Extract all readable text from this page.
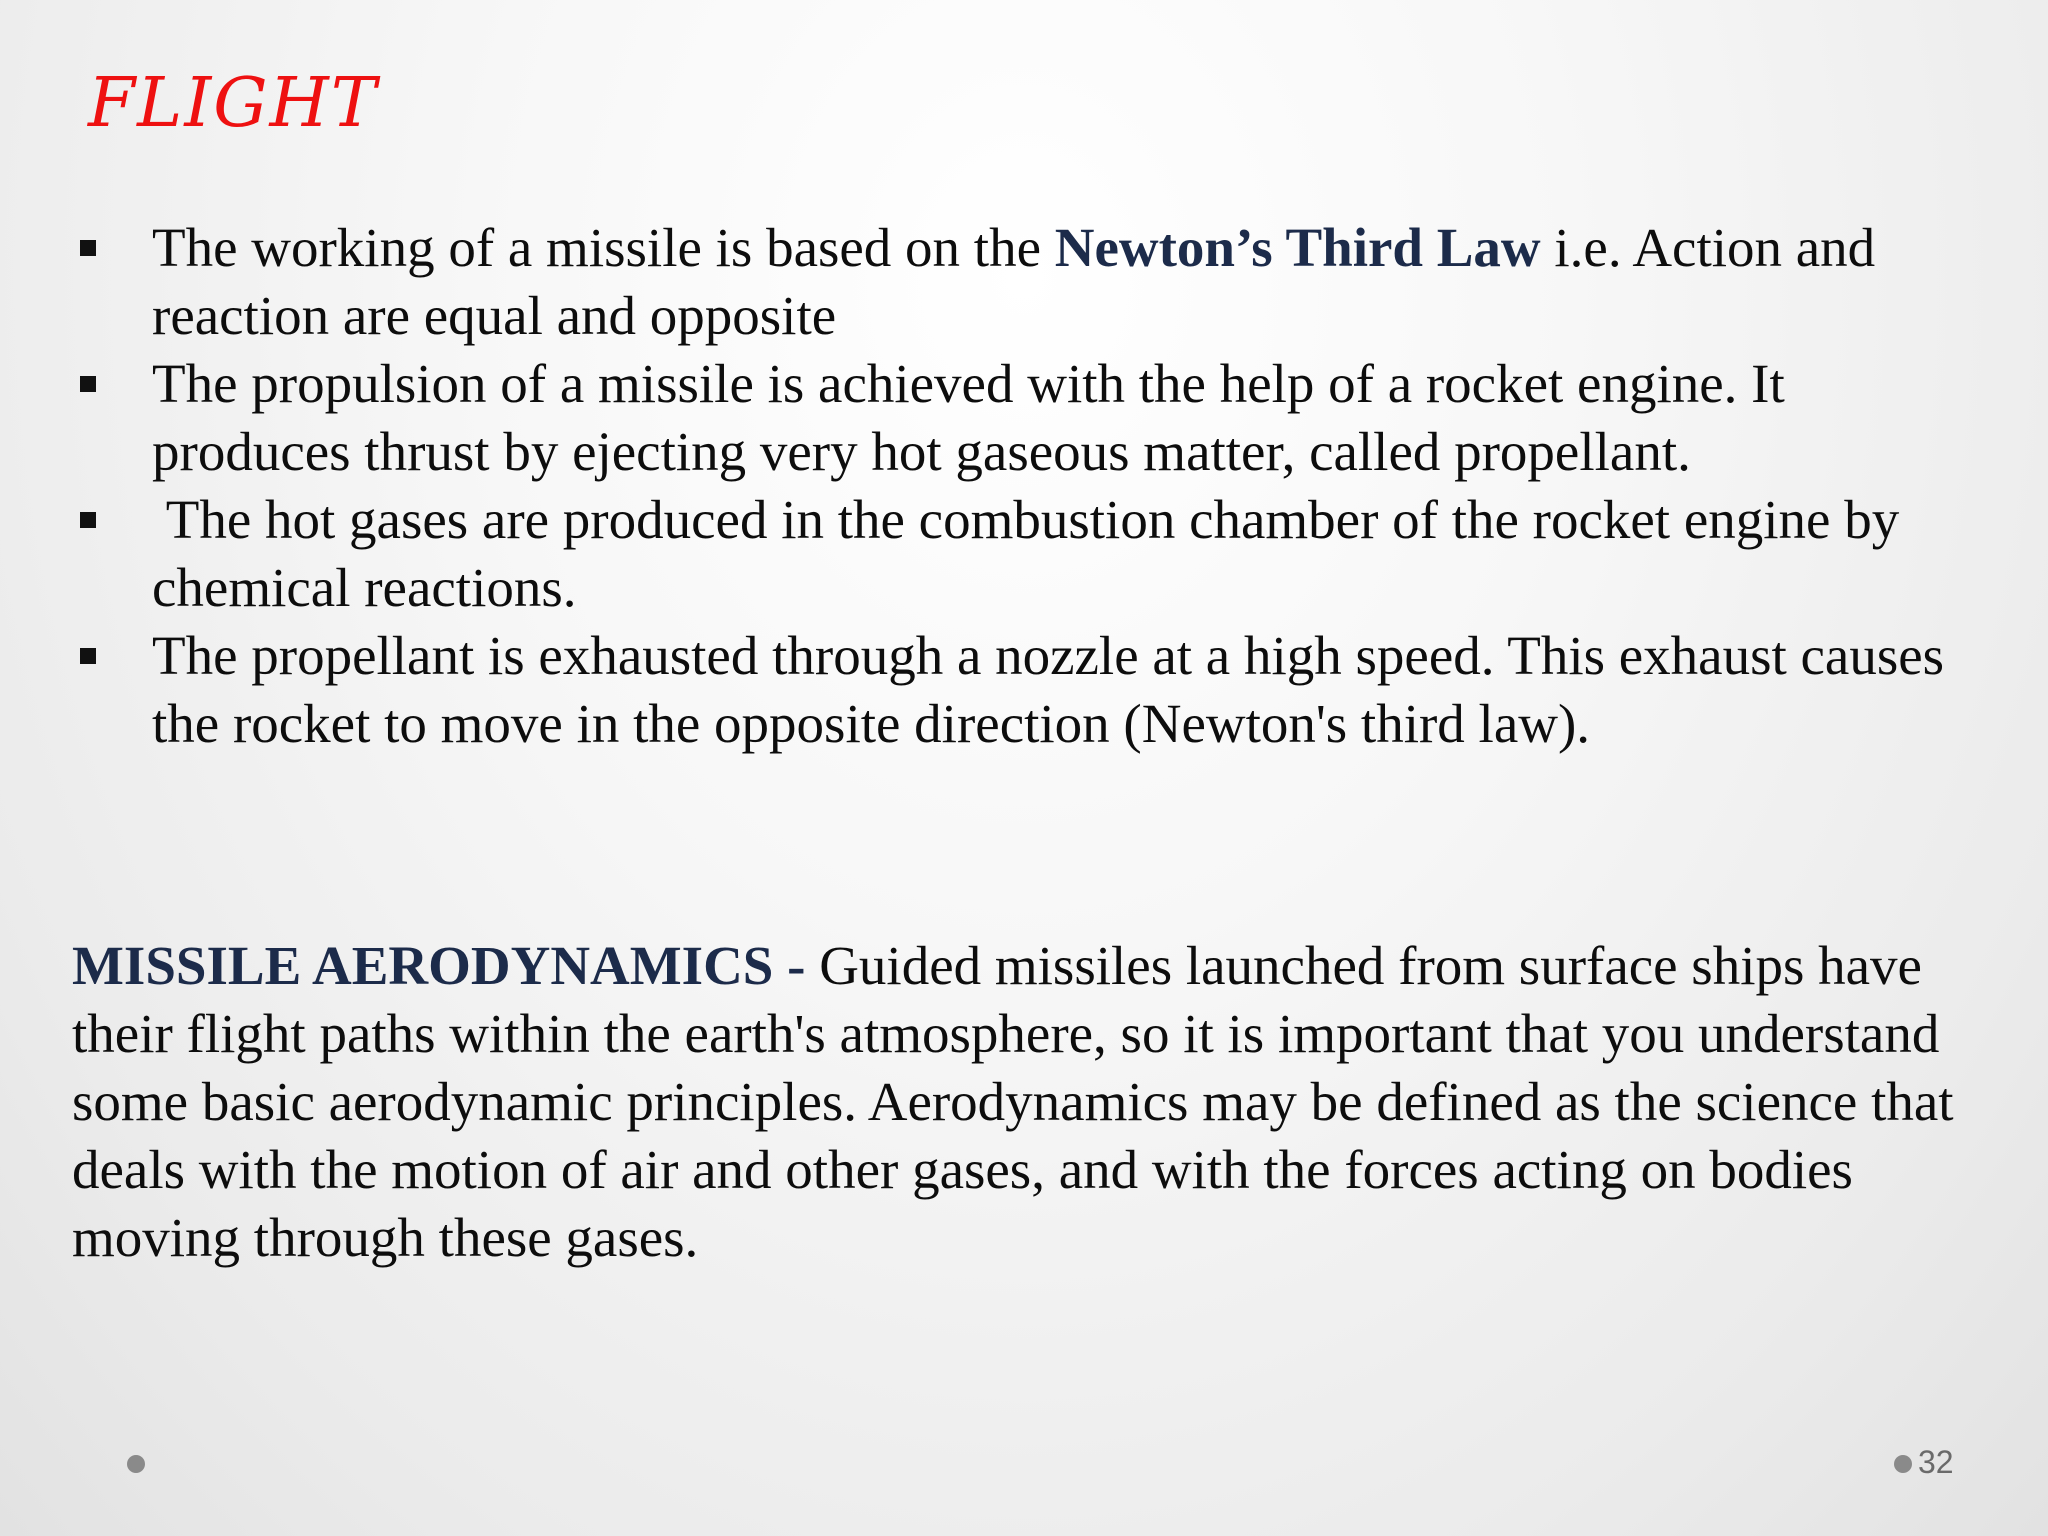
FLIGHT
The working of a missile is based on the Newton’s Third Law i.e. Action and reaction are equal and opposite
The propulsion of a missile is achieved with the help of a rocket engine. It produces thrust by ejecting very hot gaseous matter, called propellant.
The hot gases are produced in the combustion chamber of the rocket engine by chemical reactions.
The propellant is exhausted through a nozzle at a high speed. This exhaust causes the rocket to move in the opposite direction (Newton's third law).

MISSILE AERODYNAMICS - Guided missiles launched from surface ships have their flight paths within the earth's atmosphere, so it is important that you understand some basic aerodynamic principles. Aerodynamics may be defined as the science that deals with the motion of air and other gases, and with the forces acting on bodies moving through these gases.

32
